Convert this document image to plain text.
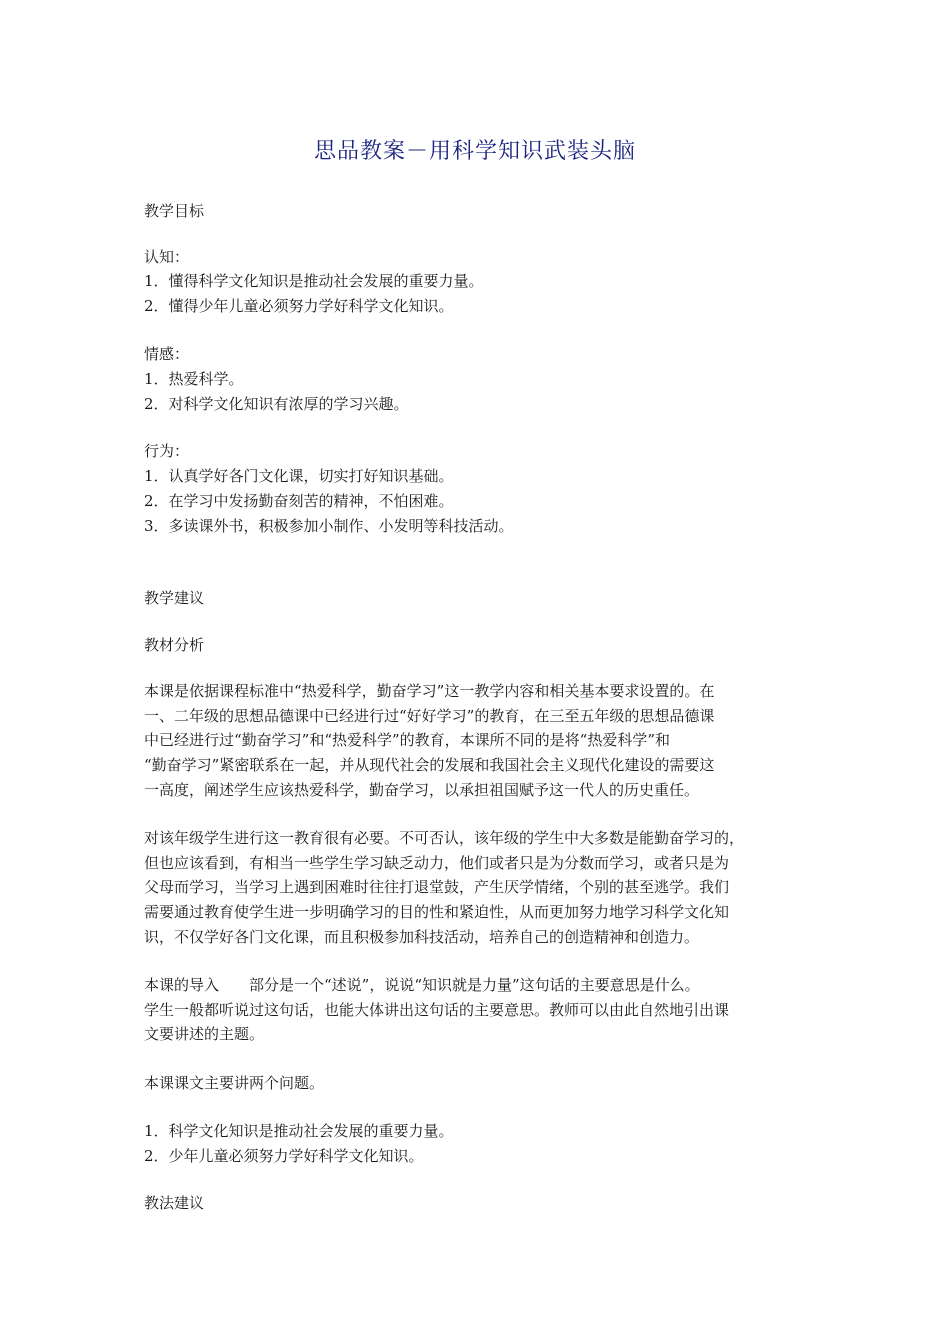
思品教案－用科学知识武装头脑
教学目标
认知：
1．懂得科学文化知识是推动社会发展的重要力量。
2．懂得少年儿童必须努力学好科学文化知识。
情感：
1．热爱科学。
2．对科学文化知识有浓厚的学习兴趣。
行为：
1．认真学好各门文化课，切实打好知识基础。
2．在学习中发扬勤奋刻苦的精神，不怕困难。
3．多读课外书，积极参加小制作、小发明等科技活动。
教学建议
教材分析
本课是依据课程标准中“热爱科学，勤奋学习”这一教学内容和相关基本要求设置的。在
一、二年级的思想品德课中已经进行过“好好学习”的教育，在三至五年级的思想品德课
中已经进行过“勤奋学习”和“热爱科学”的教育，本课所不同的是将“热爱科学”和
“勤奋学习”紧密联系在一起，并从现代社会的发展和我国社会主义现代化建设的需要这
一高度，阐述学生应该热爱科学，勤奋学习，以承担祖国赋予这一代人的历史重任。
对该年级学生进行这一教育很有必要。不可否认，该年级的学生中大多数是能勤奋学习的，
但也应该看到，有相当一些学生学习缺乏动力，他们或者只是为分数而学习，或者只是为
父母而学习，当学习上遇到困难时往往打退堂鼓，产生厌学情绪，个别的甚至逃学。我们
需要通过教育使学生进一步明确学习的目的性和紧迫性，从而更加努力地学习科学文化知
识，不仅学好各门文化课，而且积极参加科技活动，培养自己的创造精神和创造力。
本课的导入　　部分是一个“述说”，说说“知识就是力量”这句话的主要意思是什么。
学生一般都听说过这句话，也能大体讲出这句话的主要意思。教师可以由此自然地引出课
文要讲述的主题。
本课课文主要讲两个问题。
1．科学文化知识是推动社会发展的重要力量。
2．少年儿童必须努力学好科学文化知识。
教法建议
